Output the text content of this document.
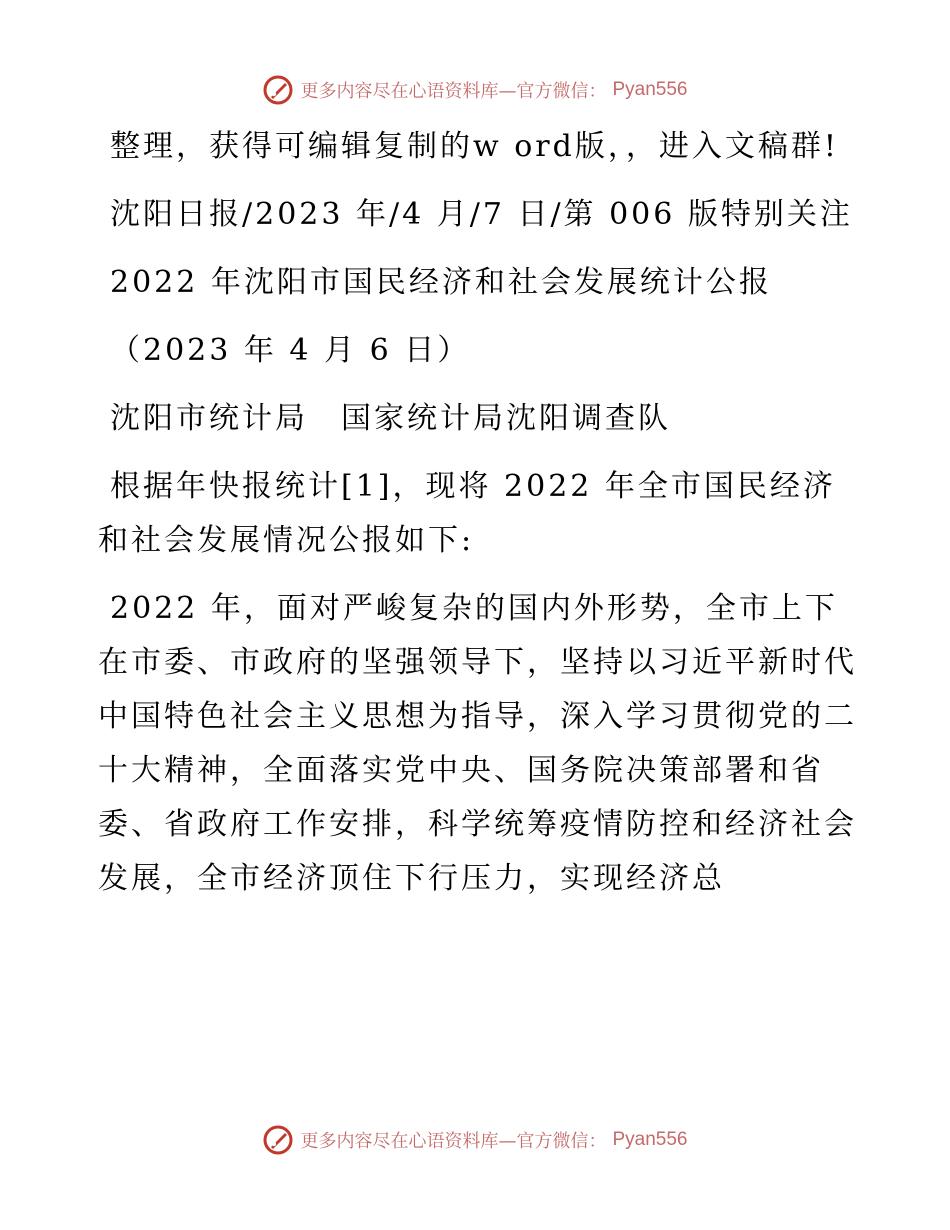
更多内容尽在心语资料库—官方微信： Pyan556

整理，获得可编辑复制的w ord版，，进入文稿群!

沈阳日报/2023 年/4 月/7 日/第 006 版特别关注

2022 年沈阳市国民经济和社会发展统计公报

（2023 年 4 月 6 日）

沈阳市统计局　国家统计局沈阳调查队

根据年快报统计[1]，现将 2022 年全市国民经济和社会发展情况公报如下:

2022 年，面对严峻复杂的国内外形势，全市上下在市委、市政府的坚强领导下，坚持以习近平新时代中国特色社会主义思想为指导，深入学习贯彻党的二十大精神，全面落实党中央、国务院决策部署和省委、省政府工作安排，科学统筹疫情防控和经济社会发展，全市经济顶住下行压力，实现经济总

更多内容尽在心语资料库—官方微信： Pyan556
